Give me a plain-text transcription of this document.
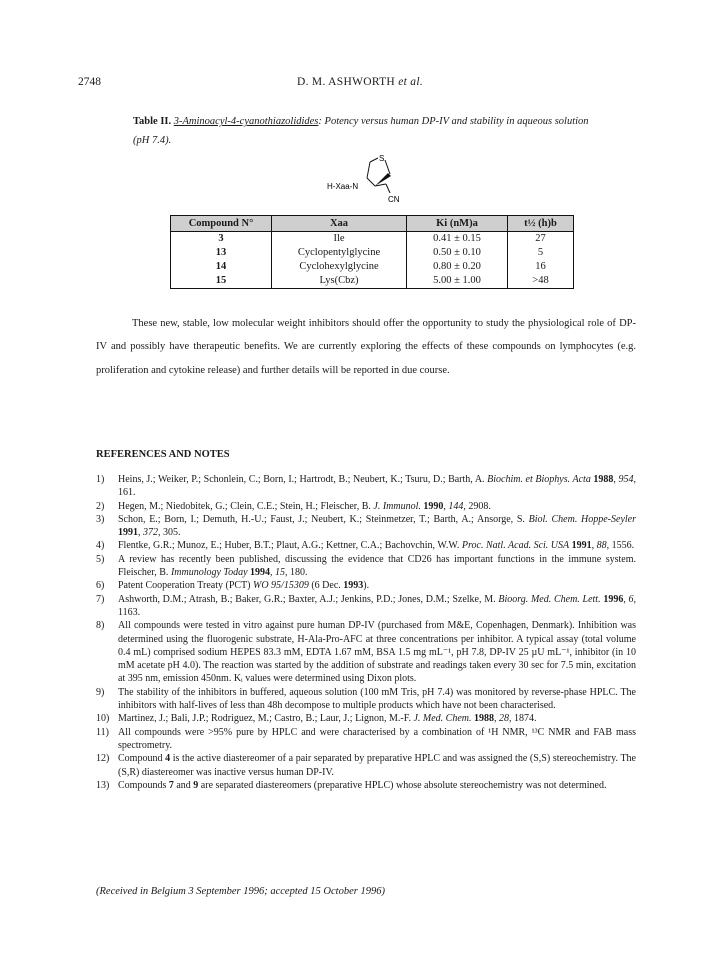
2748	D. M. ASHWORTH et al.
Table II. 3-Aminoacyl-4-cyanothiazolidides: Potency versus human DP-IV and stability in aqueous solution (pH 7.4).
S
H-Xaa-N
CN
Compound N°	Xaa	Ki (nM)a	t½ (h)b
3	Ile	0.41 ± 0.15	27
13	Cyclopentylglycine	0.50 ± 0.10	5
14	Cyclohexylglycine	0.80 ± 0.20	16
15	Lys(Cbz)	5.00 ± 1.00	>48
These new, stable, low molecular weight inhibitors should offer the opportunity to study the physiological role of DP-IV and possibly have therapeutic benefits. We are currently exploring the effects of these compounds on lymphocytes (e.g. proliferation and cytokine release) and further details will be reported in due course.
REFERENCES AND NOTES
1)	Heins, J.; Weiker, P.; Schonlein, C.; Born, I.; Hartrodt, B.; Neubert, K.; Tsuru, D.; Barth, A. Biochim. et Biophys. Acta 1988, 954, 161.
2)	Hegen, M.; Niedobitek, G.; Clein, C.E.; Stein, H.; Fleischer, B. J. Immunol. 1990, 144, 2908.
3)	Schon, E.; Born, I.; Demuth, H.-U.; Faust, J.; Neubert, K.; Steinmetzer, T.; Barth, A.; Ansorge, S. Biol. Chem. Hoppe-Seyler 1991, 372, 305.
4)	Flentke, G.R.; Munoz, E.; Huber, B.T.; Plaut, A.G.; Kettner, C.A.; Bachovchin, W.W. Proc. Natl. Acad. Sci. USA 1991, 88, 1556.
5)	A review has recently been published, discussing the evidence that CD26 has important functions in the immune system. Fleischer, B. Immunology Today 1994, 15, 180.
6)	Patent Cooperation Treaty (PCT) WO 95/15309 (6 Dec. 1993).
7)	Ashworth, D.M.; Atrash, B.; Baker, G.R.; Baxter, A.J.; Jenkins, P.D.; Jones, D.M.; Szelke, M. Bioorg. Med. Chem. Lett. 1996, 6, 1163.
8)	All compounds were tested in vitro against pure human DP-IV (purchased from M&E, Copenhagen, Denmark). Inhibition was determined using the fluorogenic substrate, H-Ala-Pro-AFC at three concentrations per inhibitor. A typical assay (total volume 0.4 mL) comprised sodium HEPES 83.3 mM, EDTA 1.67 mM, BSA 1.5 mg mL⁻¹, pH 7.8, DP-IV 25 µU mL⁻¹, inhibitor (in 10 mM acetate pH 4.0). The reaction was started by the addition of substrate and readings taken every 30 sec for 7.5 min, excitation at 395 nm, emission 450nm. Kᵢ values were determined using Dixon plots.
9)	The stability of the inhibitors in buffered, aqueous solution (100 mM Tris, pH 7.4) was monitored by reverse-phase HPLC. The inhibitors with half-lives of less than 48h decompose to multiple products which have not been characterised.
10) Martinez, J.; Bali, J.P.; Rodriguez, M.; Castro, B.; Laur, J.; Lignon, M.-F. J. Med. Chem. 1988, 28, 1874.
11) All compounds were >95% pure by HPLC and were characterised by a combination of ¹H NMR, ¹³C NMR and FAB mass spectrometry.
12) Compound 4 is the active diastereomer of a pair separated by preparative HPLC and was assigned the (S,S) stereochemistry. The (S,R) diastereomer was inactive versus human DP-IV.
13) Compounds 7 and 9 are separated diastereomers (preparative HPLC) whose absolute stereochemistry was not determined.
(Received in Belgium 3 September 1996; accepted 15 October 1996)
